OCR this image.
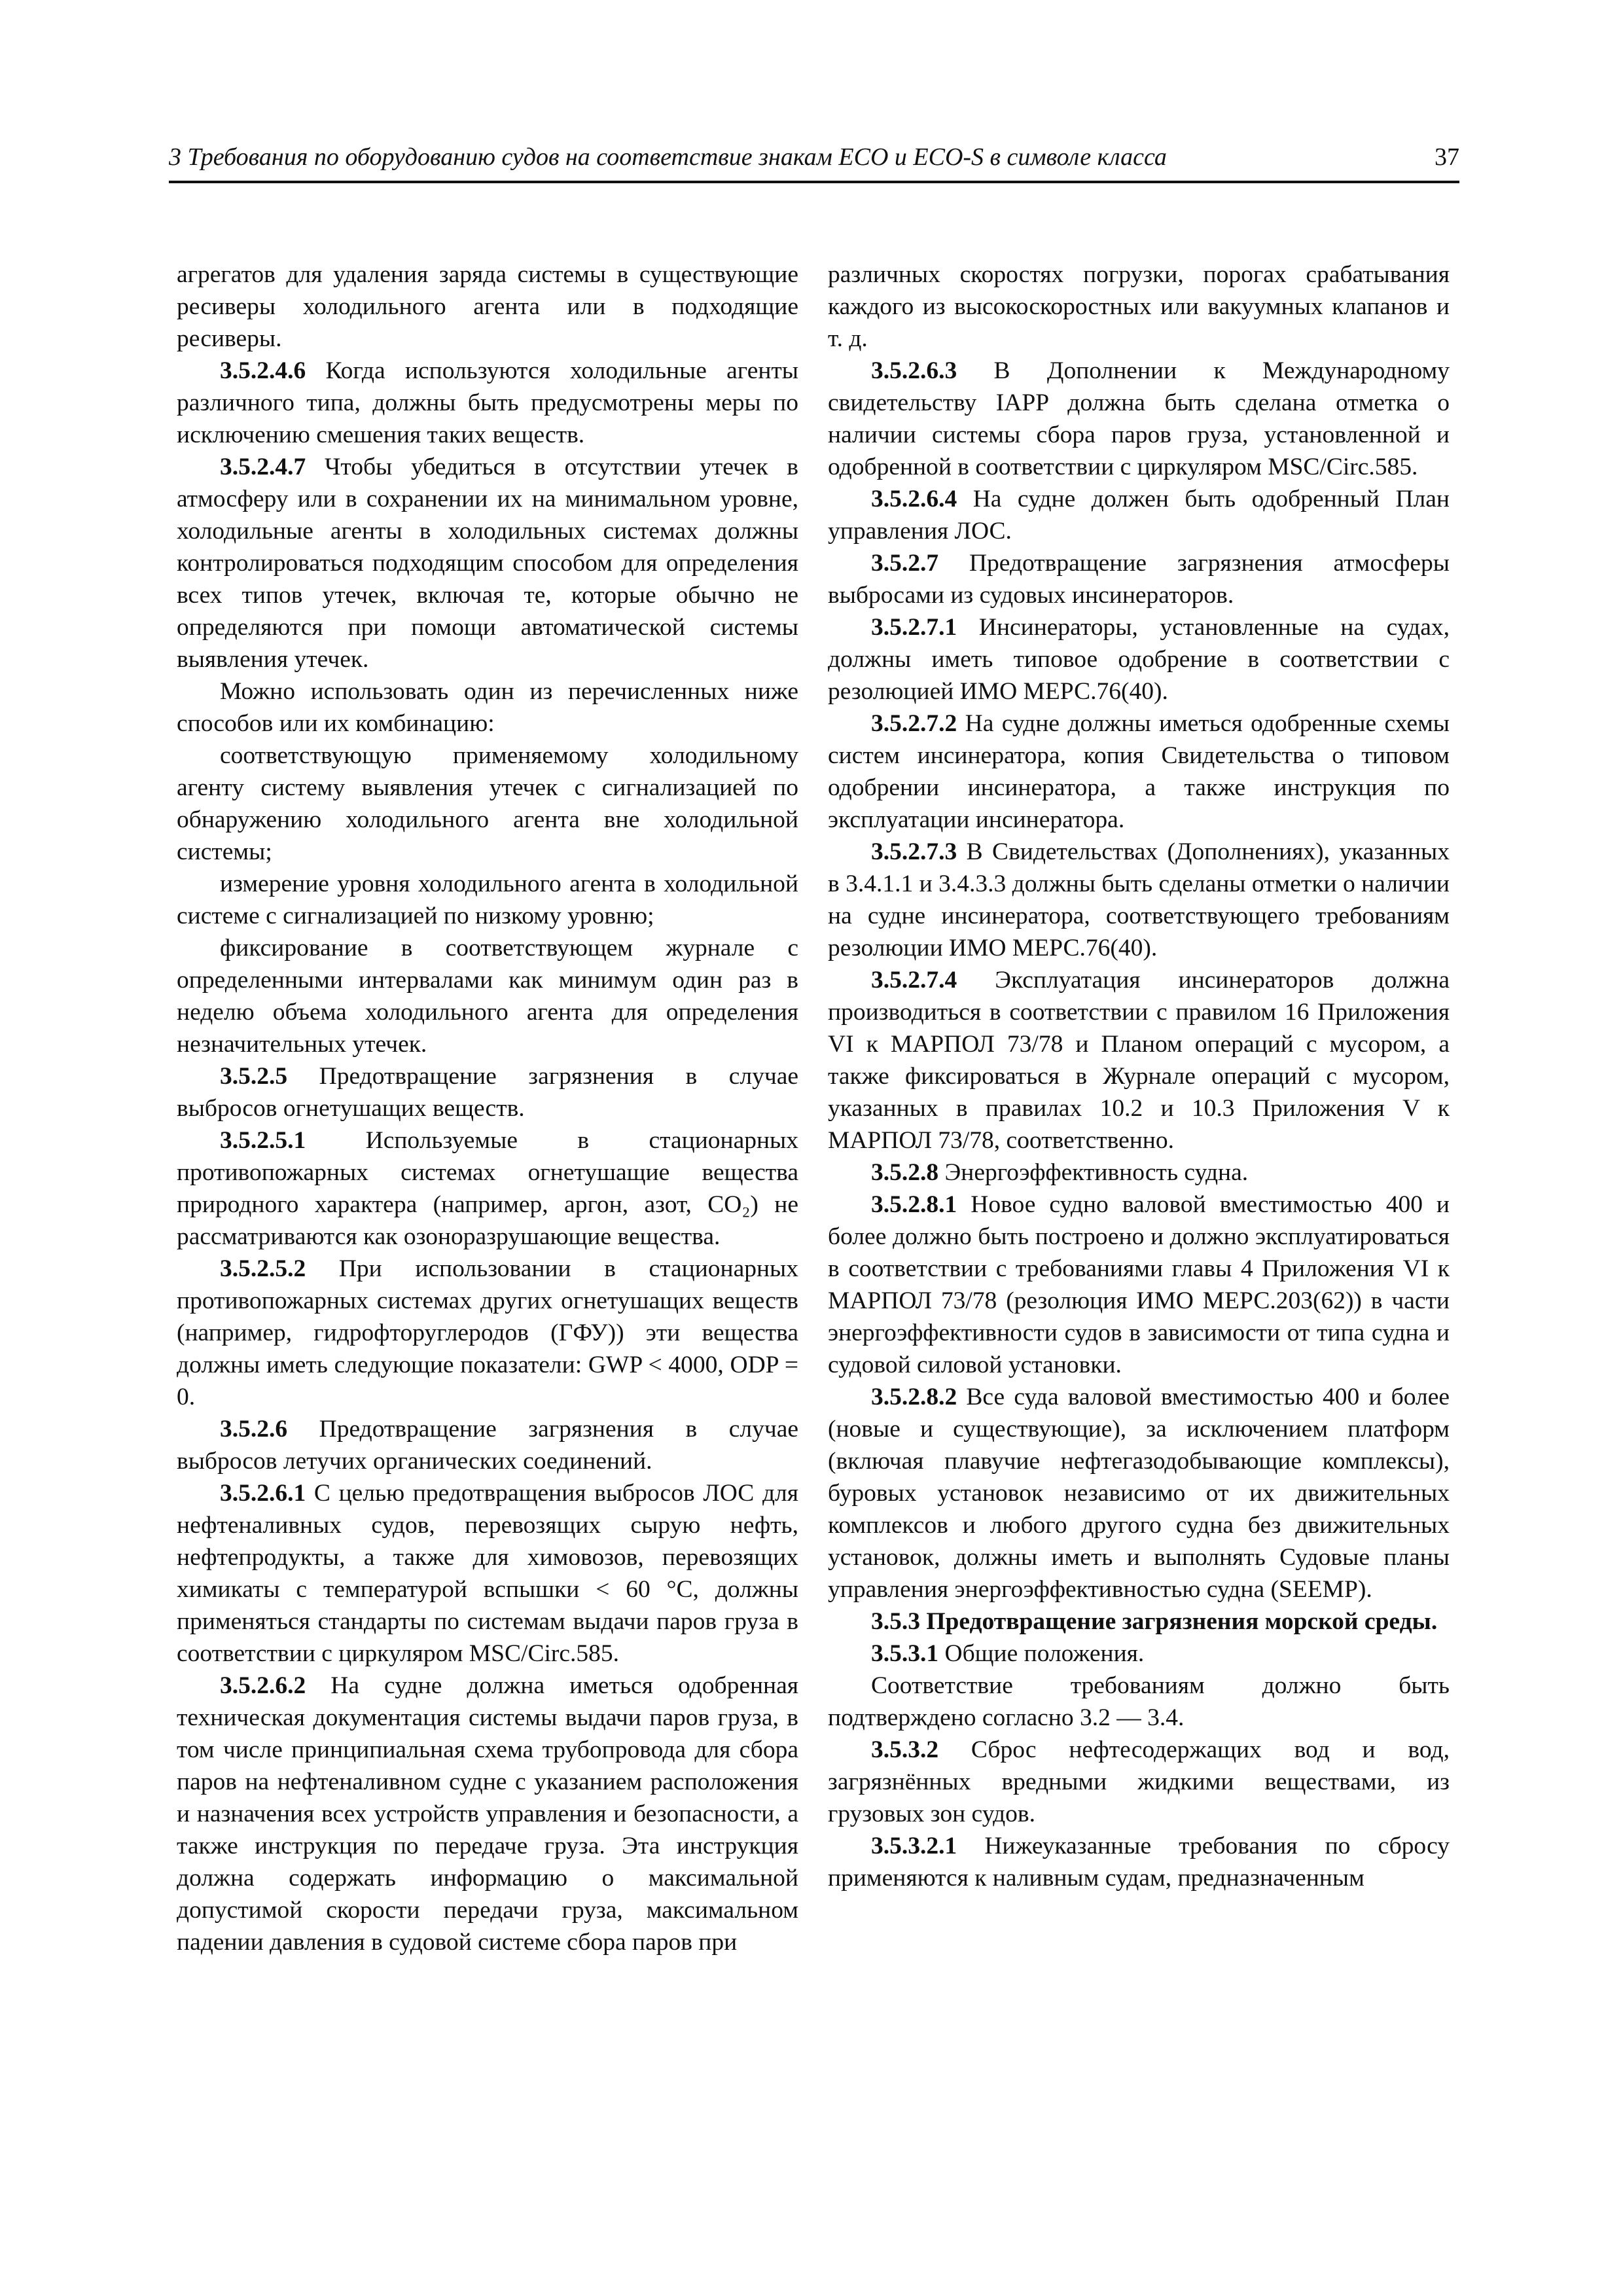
3 Требования по оборудованию судов на соответствие знакам ЕСО и ЕСО-S в символе класса	37

агрегатов для удаления заряда системы в существующие ресиверы холодильного агента или в подходящие ресиверы.

3.5.2.4.6 Когда используются холодильные агенты различного типа, должны быть предусмотрены меры по исключению смешения таких веществ.

3.5.2.4.7 Чтобы убедиться в отсутствии утечек в атмосферу или в сохранении их на минимальном уровне, холодильные агенты в холодильных системах должны контролироваться подходящим способом для определения всех типов утечек, включая те, которые обычно не определяются при помощи автоматической системы выявления утечек.

Можно использовать один из перечисленных ниже способов или их комбинацию:

соответствующую применяемому холодильному агенту систему выявления утечек с сигнализацией по обнаружению холодильного агента вне холодильной системы;

измерение уровня холодильного агента в холодильной системе с сигнализацией по низкому уровню;

фиксирование в соответствующем журнале с определенными интервалами как минимум один раз в неделю объема холодильного агента для определения незначительных утечек.

3.5.2.5 Предотвращение загрязнения в случае выбросов огнетушащих веществ.

3.5.2.5.1 Используемые в стационарных противопожарных системах огнетушащие вещества природного характера (например, аргон, азот, CO₂) не рассматриваются как озоноразрушающие вещества.

3.5.2.5.2 При использовании в стационарных противопожарных системах других огнетушащих веществ (например, гидрофторуглеродов (ГФУ)) эти вещества должны иметь следующие показатели: GWP < 4000, ODP = 0.

3.5.2.6 Предотвращение загрязнения в случае выбросов летучих органических соединений.

3.5.2.6.1 С целью предотвращения выбросов ЛОС для нефтеналивных судов, перевозящих сырую нефть, нефтепродукты, а также для химовозов, перевозящих химикаты с температурой вспышки < 60 °С, должны применяться стандарты по системам выдачи паров груза в соответствии с циркуляром MSC/Circ.585.

3.5.2.6.2 На судне должна иметься одобренная техническая документация системы выдачи паров груза, в том числе принципиальная схема трубопровода для сбора паров на нефтеналивном судне с указанием расположения и назначения всех устройств управления и безопасности, а также инструкция по передаче груза. Эта инструкция должна содержать информацию о максимальной допустимой скорости передачи груза, максимальном падении давления в судовой системе сбора паров при

различных скоростях погрузки, порогах срабатывания каждого из высокоскоростных или вакуумных клапанов и т. д.

3.5.2.6.3 В Дополнении к Международному свидетельству IAPP должна быть сделана отметка о наличии системы сбора паров груза, установленной и одобренной в соответствии с циркуляром MSC/Circ.585.

3.5.2.6.4 На судне должен быть одобренный План управления ЛОС.

3.5.2.7 Предотвращение загрязнения атмосферы выбросами из судовых инсинераторов.

3.5.2.7.1 Инсинераторы, установленные на судах, должны иметь типовое одобрение в соответствии с резолюцией ИМО МЕРС.76(40).

3.5.2.7.2 На судне должны иметься одобренные схемы систем инсинератора, копия Свидетельства о типовом одобрении инсинератора, а также инструкция по эксплуатации инсинератора.

3.5.2.7.3 В Свидетельствах (Дополнениях), указанных в 3.4.1.1 и 3.4.3.3 должны быть сделаны отметки о наличии на судне инсинератора, соответствующего требованиям резолюции ИМО МЕРС.76(40).

3.5.2.7.4 Эксплуатация инсинераторов должна производиться в соответствии с правилом 16 Приложения VI к МАРПОЛ 73/78 и Планом операций с мусором, а также фиксироваться в Журнале операций с мусором, указанных в правилах 10.2 и 10.3 Приложения V к МАРПОЛ 73/78, соответственно.

3.5.2.8 Энергоэффективность судна.

3.5.2.8.1 Новое судно валовой вместимостью 400 и более должно быть построено и должно эксплуатироваться в соответствии с требованиями главы 4 Приложения VI к МАРПОЛ 73/78 (резолюция ИМО МЕРС.203(62)) в части энергоэффективности судов в зависимости от типа судна и судовой силовой установки.

3.5.2.8.2 Все суда валовой вместимостью 400 и более (новые и существующие), за исключением платформ (включая плавучие нефтегазодобывающие комплексы), буровых установок независимо от их движительных комплексов и любого другого судна без движительных установок, должны иметь и выполнять Судовые планы управления энергоэффективностью судна (SEEMP).

3.5.3 Предотвращение загрязнения морской среды.

3.5.3.1 Общие положения.

Соответствие требованиям должно быть подтверждено согласно 3.2 — 3.4.

3.5.3.2 Сброс нефтесодержащих вод и вод, загрязнённых вредными жидкими веществами, из грузовых зон судов.

3.5.3.2.1 Нижеуказанные требования по сбросу применяются к наливным судам, предназначенным
